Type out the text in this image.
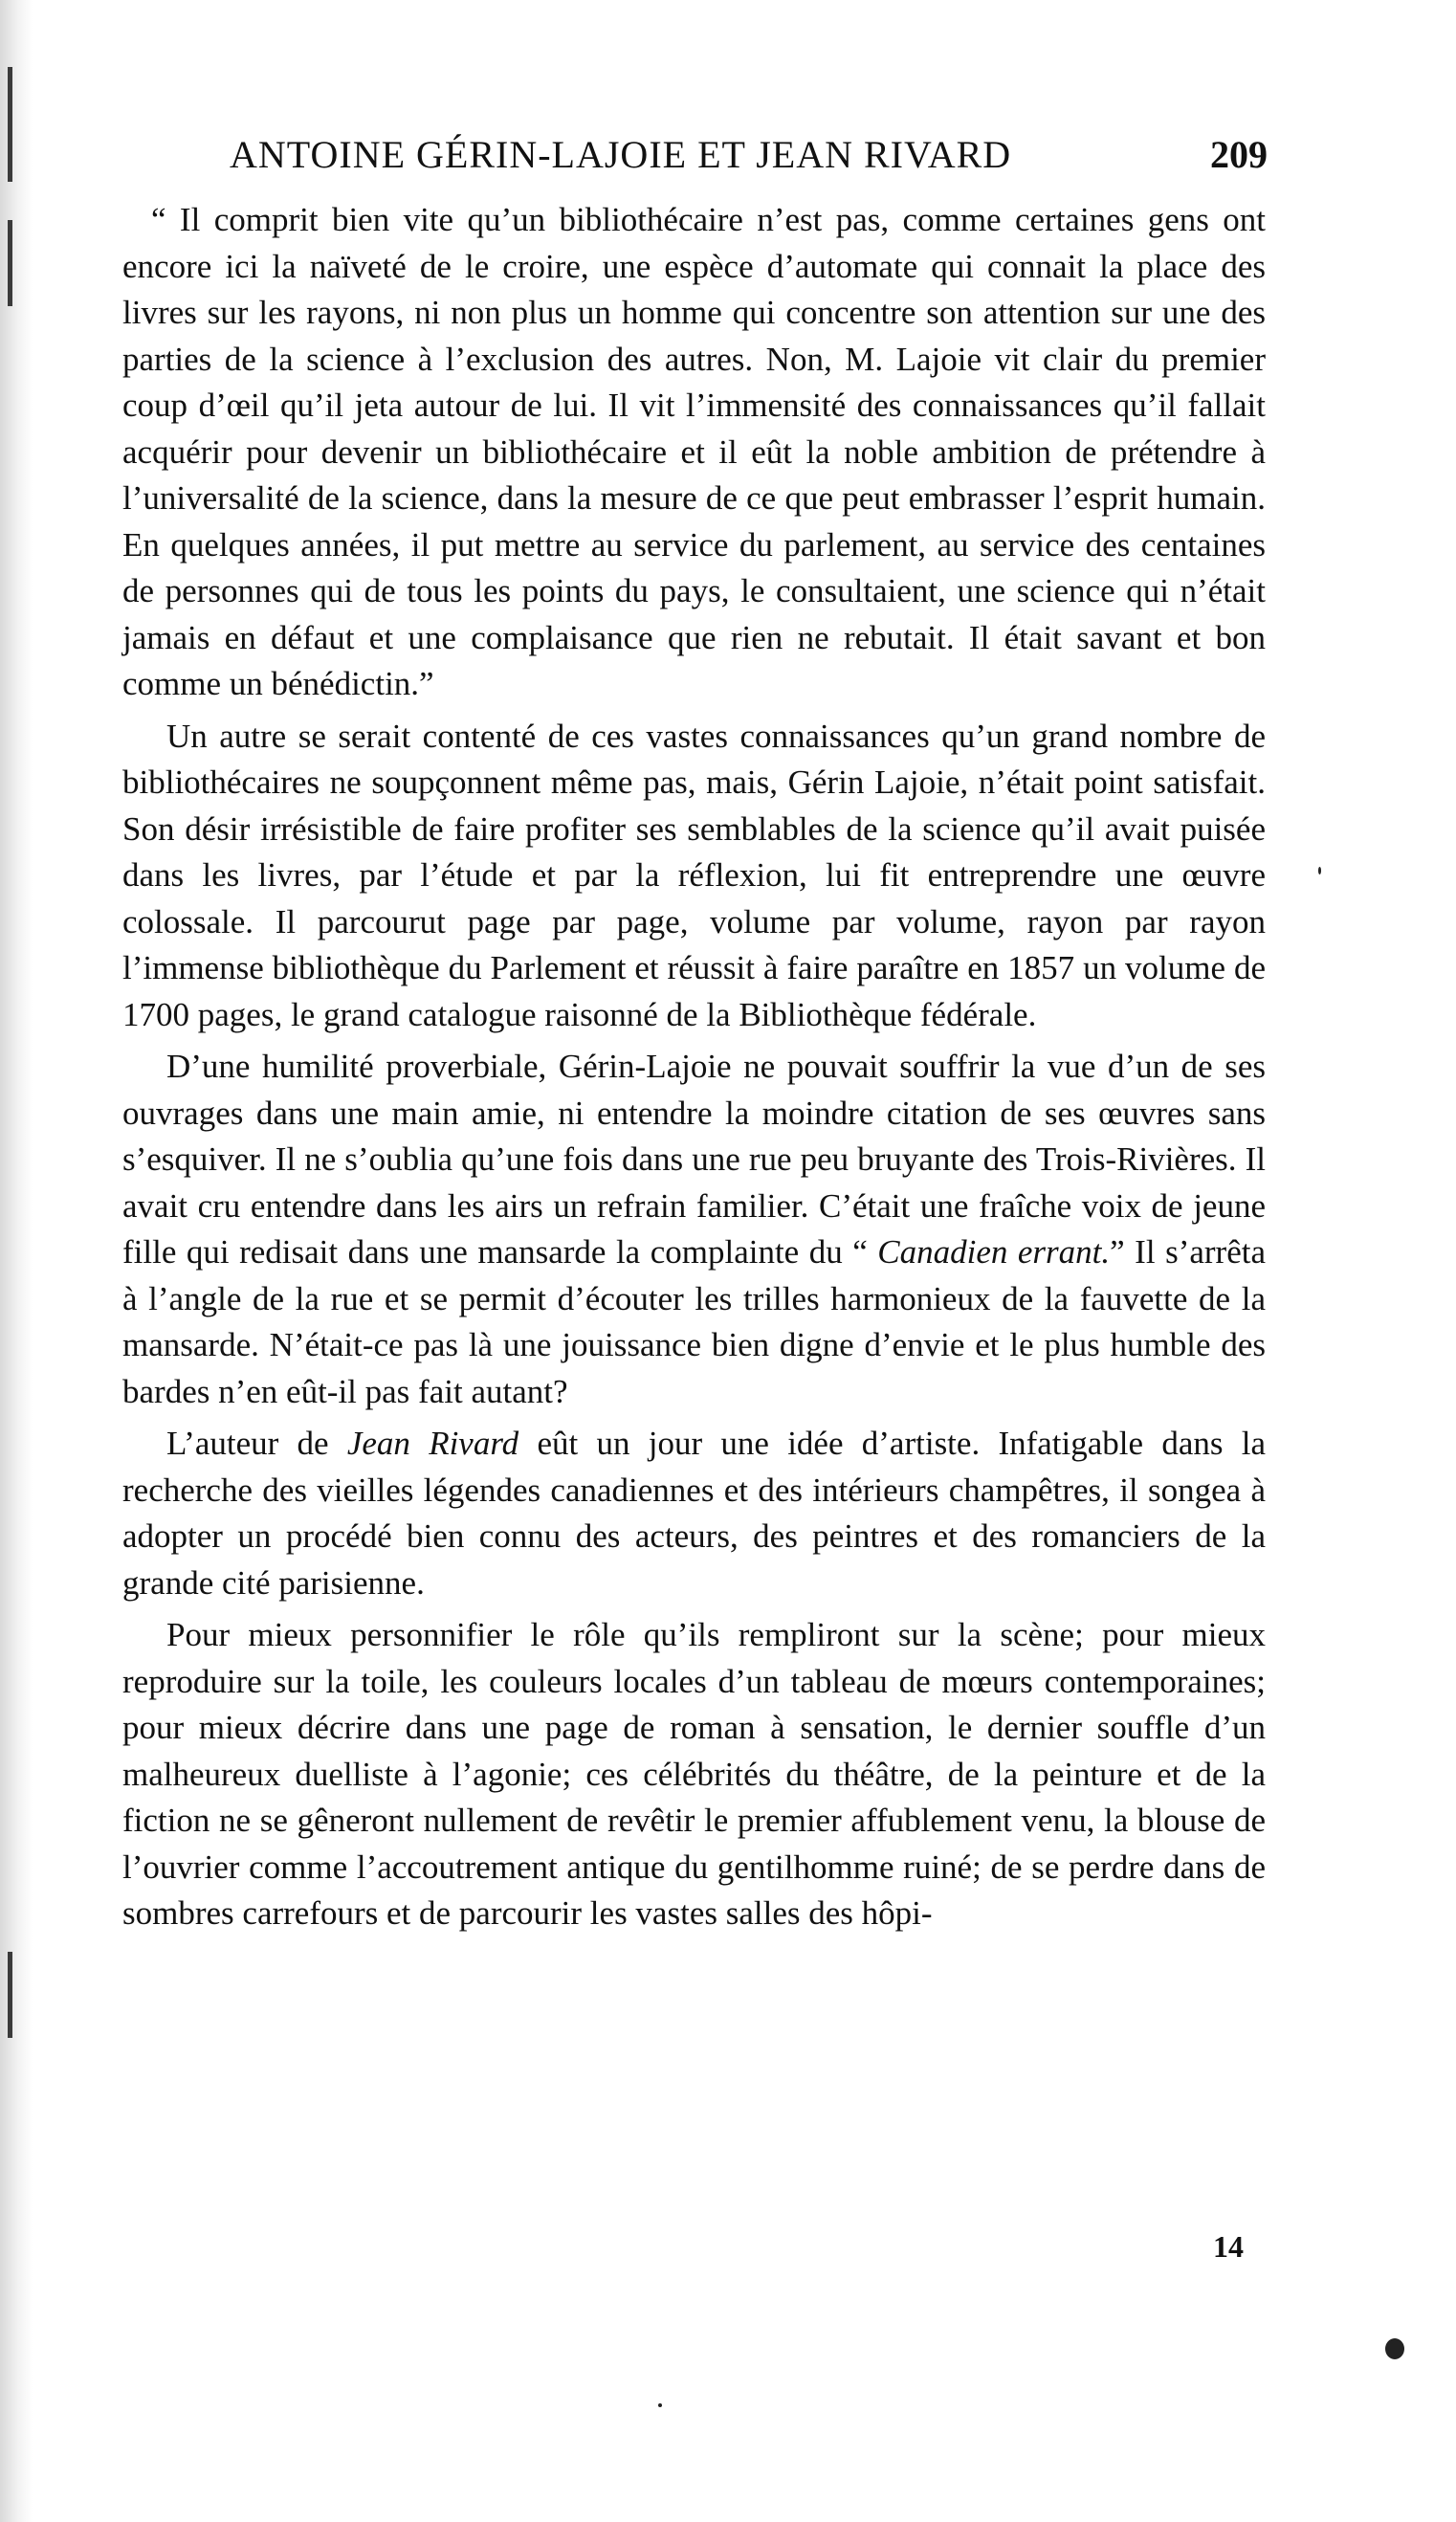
ANTOINE GÉRIN-LAJOIE ET JEAN RIVARD	209

“ Il comprit bien vite qu’un bibliothécaire n’est pas, comme certaines gens ont encore ici la naïveté de le croire, une espèce d’automate qui connait la place des livres sur les rayons, ni non plus un homme qui concentre son attention sur une des parties de la science à l’exclusion des autres. Non, M. Lajoie vit clair du premier coup d’œil qu’il jeta autour de lui. Il vit l’immensité des connaissances qu’il fallait acquérir pour devenir un bibliothécaire et il eût la noble ambition de prétendre à l’universalité de la science, dans la mesure de ce que peut embrasser l’esprit humain. En quelques années, il put mettre au service du parlement, au service des centaines de personnes qui de tous les points du pays, le consultaient, une science qui n’était jamais en défaut et une complaisance que rien ne rebutait. Il était savant et bon comme un bénédictin.”

Un autre se serait contenté de ces vastes connaissances qu’un grand nombre de bibliothécaires ne soupçonnent même pas, mais, Gérin Lajoie, n’était point satisfait. Son désir irrésistible de faire profiter ses semblables de la science qu’il avait puisée dans les livres, par l’étude et par la réflexion, lui fit entreprendre une œuvre colossale. Il parcourut page par page, volume par volume, rayon par rayon l’immense bibliothèque du Parlement et réussit à faire paraître en 1857 un volume de 1700 pages, le grand catalogue raisonné de la Bibliothèque fédérale.

D’une humilité proverbiale, Gérin-Lajoie ne pouvait souffrir la vue d’un de ses ouvrages dans une main amie, ni entendre la moindre citation de ses œuvres sans s’esquiver. Il ne s’oublia qu’une fois dans une rue peu bruyante des Trois-Rivières. Il avait cru entendre dans les airs un refrain familier. C’était une fraîche voix de jeune fille qui redisait dans une mansarde la complainte du “ Canadien errant.” Il s’arrêta à l’angle de la rue et se permit d’écouter les trilles harmonieux de la fauvette de la mansarde. N’était-ce pas là une jouissance bien digne d’envie et le plus humble des bardes n’en eût-il pas fait autant?

L’auteur de Jean Rivard eût un jour une idée d’artiste. Infatigable dans la recherche des vieilles légendes canadiennes et des intérieurs champêtres, il songea à adopter un procédé bien connu des acteurs, des peintres et des romanciers de la grande cité parisienne.

Pour mieux personnifier le rôle qu’ils rempliront sur la scène; pour mieux reproduire sur la toile, les couleurs locales d’un tableau de mœurs contemporaines; pour mieux décrire dans une page de roman à sensation, le dernier souffle d’un malheureux duelliste à l’agonie; ces célébrités du théâtre, de la peinture et de la fiction ne se gêneront nullement de revêtir le premier affublement venu, la blouse de l’ouvrier comme l’accoutrement antique du gentilhomme ruiné; de se perdre dans de sombres carrefours et de parcourir les vastes salles des hôpi-

14
